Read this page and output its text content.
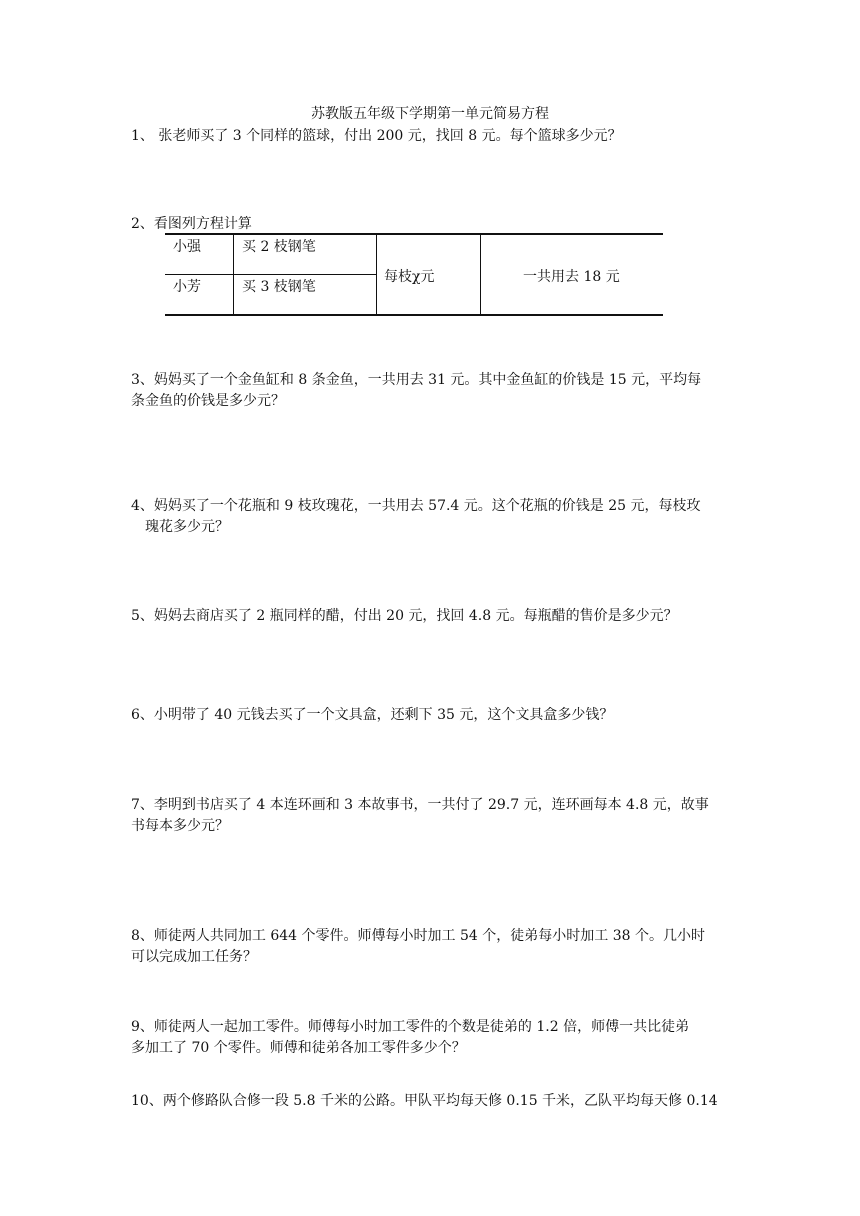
苏教版五年级下学期第一单元简易方程
1、 张老师买了 3 个同样的篮球，付出 200 元，找回 8 元。每个篮球多少元？
2、看图列方程计算
小强	买 2 枝钢笔
小芳	买 3 枝钢笔
每枝χ元	一共用去 18 元
3、妈妈买了一个金鱼缸和 8 条金鱼，一共用去 31 元。其中金鱼缸的价钱是 15 元，平均每
条金鱼的价钱是多少元？
4、妈妈买了一个花瓶和 9 枝玫瑰花，一共用去 57.4 元。这个花瓶的价钱是 25 元，每枝玫
瑰花多少元？
5、妈妈去商店买了 2 瓶同样的醋，付出 20 元，找回 4.8 元。每瓶醋的售价是多少元？
6、小明带了 40 元钱去买了一个文具盒，还剩下 35 元，这个文具盒多少钱？
7、李明到书店买了 4 本连环画和 3 本故事书，一共付了 29.7 元，连环画每本 4.8 元，故事
书每本多少元？
8、师徒两人共同加工 644 个零件。师傅每小时加工 54 个，徒弟每小时加工 38 个。几小时
可以完成加工任务？
9、师徒两人一起加工零件。师傅每小时加工零件的个数是徒弟的 1.2 倍，师傅一共比徒弟
多加工了 70 个零件。师傅和徒弟各加工零件多少个？
10、两个修路队合修一段 5.8 千米的公路。甲队平均每天修 0.15 千米，乙队平均每天修 0.14
